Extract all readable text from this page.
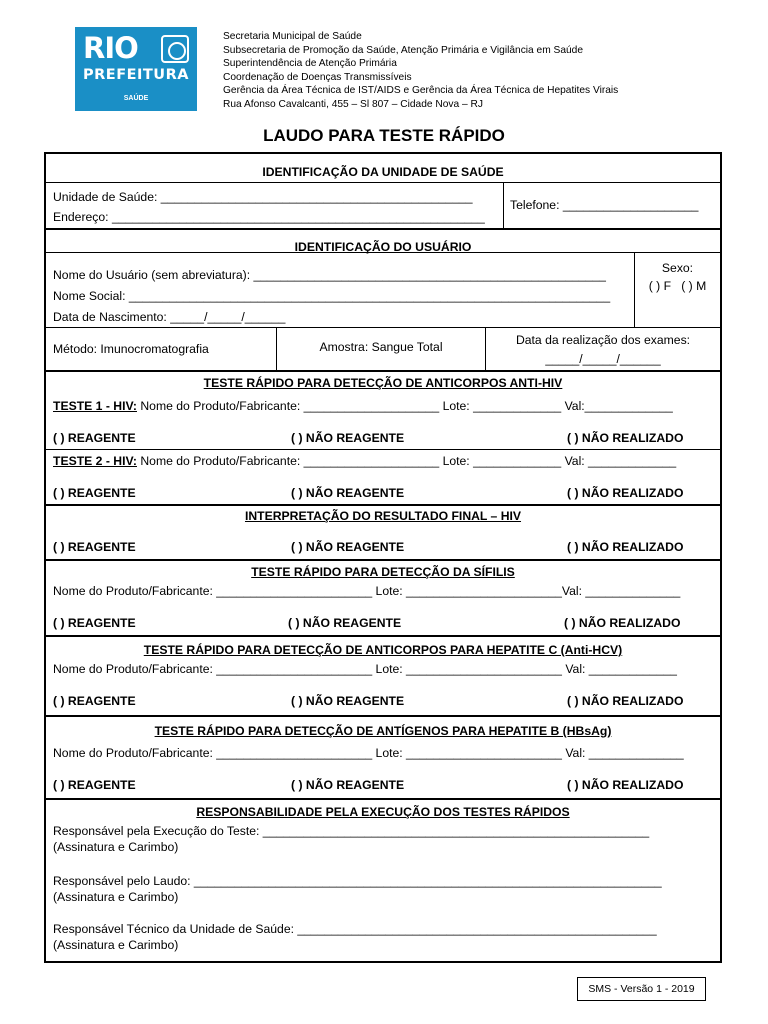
RIO
PREFEITURA
SAÚDE
Secretaria Municipal de Saúde
Subsecretaria de Promoção da Saúde, Atenção Primária e Vigilância em Saúde
Superintendência de Atenção Primária
Coordenação de Doenças Transmissíveis
Gerência da Área Técnica de IST/AIDS e Gerência da Área Técnica de Hepatites Virais
Rua Afonso Cavalcanti, 455 – Sl 807 – Cidade Nova – RJ
LAUDO PARA TESTE RÁPIDO
IDENTIFICAÇÃO DA UNIDADE DE SAÚDE
Unidade de Saúde: ______________________________________________
Endereço: _______________________________________________________
Telefone: ____________________
IDENTIFICAÇÃO DO USUÁRIO
Nome do Usuário (sem abreviatura): ____________________________________________________
Nome Social: _______________________________________________________________________
Data de Nascimento: _____/_____/______
Sexo:
( ) F   ( ) M
Método: Imunocromatografia	Amostra: Sangue Total	Data da realização dos exames:
_____/_____/______
TESTE RÁPIDO PARA DETECÇÃO DE ANTICORPOS ANTI-HIV
TESTE 1 - HIV: Nome do Produto/Fabricante: ____________________ Lote: _____________ Val:_____________
( ) REAGENTE	( ) NÃO REAGENTE	( ) NÃO REALIZADO
TESTE 2 - HIV: Nome do Produto/Fabricante: ____________________ Lote: _____________ Val: _____________
( ) REAGENTE	( ) NÃO REAGENTE	( ) NÃO REALIZADO
INTERPRETAÇÃO DO RESULTADO FINAL – HIV
( ) REAGENTE	( ) NÃO REAGENTE	( ) NÃO REALIZADO
TESTE RÁPIDO PARA DETECÇÃO DA SÍFILIS
Nome do Produto/Fabricante: _______________________ Lote: _______________________Val: ______________
( ) REAGENTE	( ) NÃO REAGENTE	( ) NÃO REALIZADO
TESTE RÁPIDO PARA DETECÇÃO DE ANTICORPOS PARA HEPATITE C (Anti-HCV)
Nome do Produto/Fabricante: _______________________ Lote: _______________________ Val: _____________
( ) REAGENTE	( ) NÃO REAGENTE	( ) NÃO REALIZADO
TESTE RÁPIDO PARA DETECÇÃO DE ANTÍGENOS PARA HEPATITE B (HBsAg)
Nome do Produto/Fabricante: _______________________ Lote: _______________________ Val: ______________
( ) REAGENTE	( ) NÃO REAGENTE	( ) NÃO REALIZADO
RESPONSABILIDADE PELA EXECUÇÃO DOS TESTES RÁPIDOS
Responsável pela Execução do Teste: _________________________________________________________
(Assinatura e Carimbo)
Responsável pelo Laudo: _____________________________________________________________________
(Assinatura e Carimbo)
Responsável Técnico da Unidade de Saúde: _____________________________________________________
(Assinatura e Carimbo)
SMS - Versão 1 - 2019
